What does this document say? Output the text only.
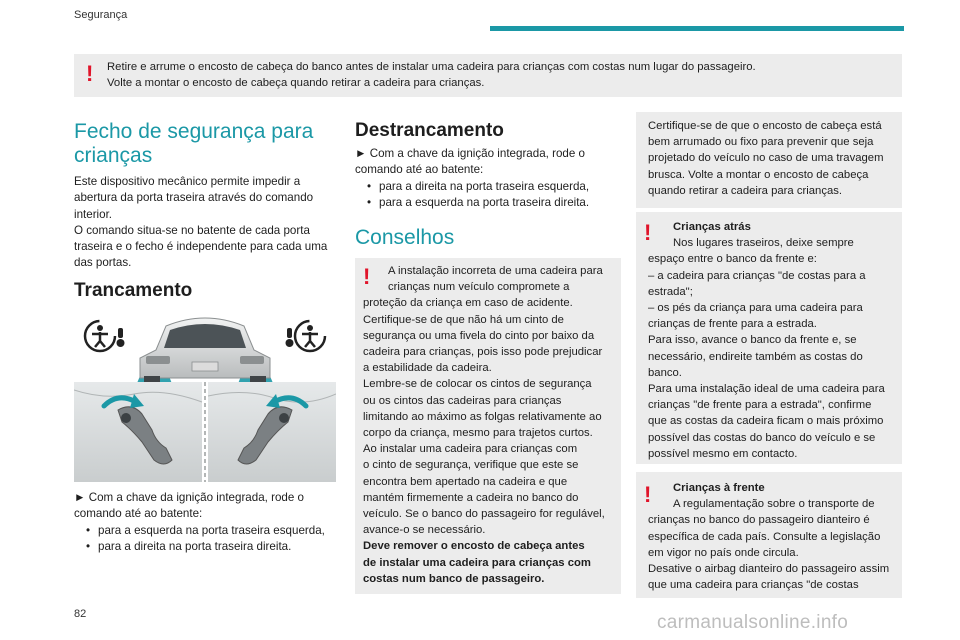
Segurança
! Retire e arrume o encosto de cabeça do banco antes de instalar uma cadeira para crianças com costas num lugar do passageiro.
Volte a montar o encosto de cabeça quando retirar a cadeira para crianças.
Fecho de segurança para
crianças

Este dispositivo mecânico permite impedir a

abertura da porta traseira através do comando

interior.

O comando situa-se no batente de cada porta

traseira e o fecho é independente para cada uma

das portas.

Trancamento

► Com a chave da ignição integrada, rode o

comando até ao batente:

• para a esquerda na porta traseira esquerda,

• para a direita na porta traseira direita.

Destrancamento

► Com a chave da ignição integrada, rode o

comando até ao batente:

• para a direita na porta traseira esquerda,

• para a esquerda na porta traseira direita.

Conselhos
!	A instalação incorreta de uma cadeira para
crianças num veículo compromete a
proteção da criança em caso de acidente.
Certifique-se de que não há um cinto de
segurança ou uma fivela do cinto por baixo da
cadeira para crianças, pois isso pode prejudicar
a estabilidade da cadeira.
Lembre-se de colocar os cintos de segurança
ou os cintos das cadeiras para crianças
limitando ao máximo as folgas relativamente ao
corpo da criança, mesmo para trajetos curtos.
Ao instalar uma cadeira para crianças com
o cinto de segurança, verifique que este se
encontra bem apertado na cadeira e que
mantém firmemente a cadeira no banco do
veículo. Se o banco do passageiro for regulável,
avance-o se necessário.
Deve remover o encosto de cabeça antes
de instalar uma cadeira para crianças com
costas num banco de passageiro.
Certifique-se de que o encosto de cabeça está
bem arrumado ou fixo para prevenir que seja
projetado do veículo no caso de uma travagem
brusca. Volte a montar o encosto de cabeça
quando retirar a cadeira para crianças.
!	Crianças atrás
Nos lugares traseiros, deixe sempre
espaço entre o banco da frente e:
– a cadeira para crianças "de costas para a
estrada";
– os pés da criança para uma cadeira para
crianças de frente para a estrada.
Para isso, avance o banco da frente e, se
necessário, endireite também as costas do
banco.
Para uma instalação ideal de uma cadeira para
crianças "de frente para a estrada", confirme
que as costas da cadeira ficam o mais próximo
possível das costas do banco do veículo e se
possível mesmo em contacto.
!	Crianças à frente
A regulamentação sobre o transporte de
crianças no banco do passageiro dianteiro é
específica de cada país. Consulte a legislação
em vigor no país onde circula.
Desative o airbag dianteiro do passageiro assim
que uma cadeira para crianças "de costas
82	carmanualsonline.info
